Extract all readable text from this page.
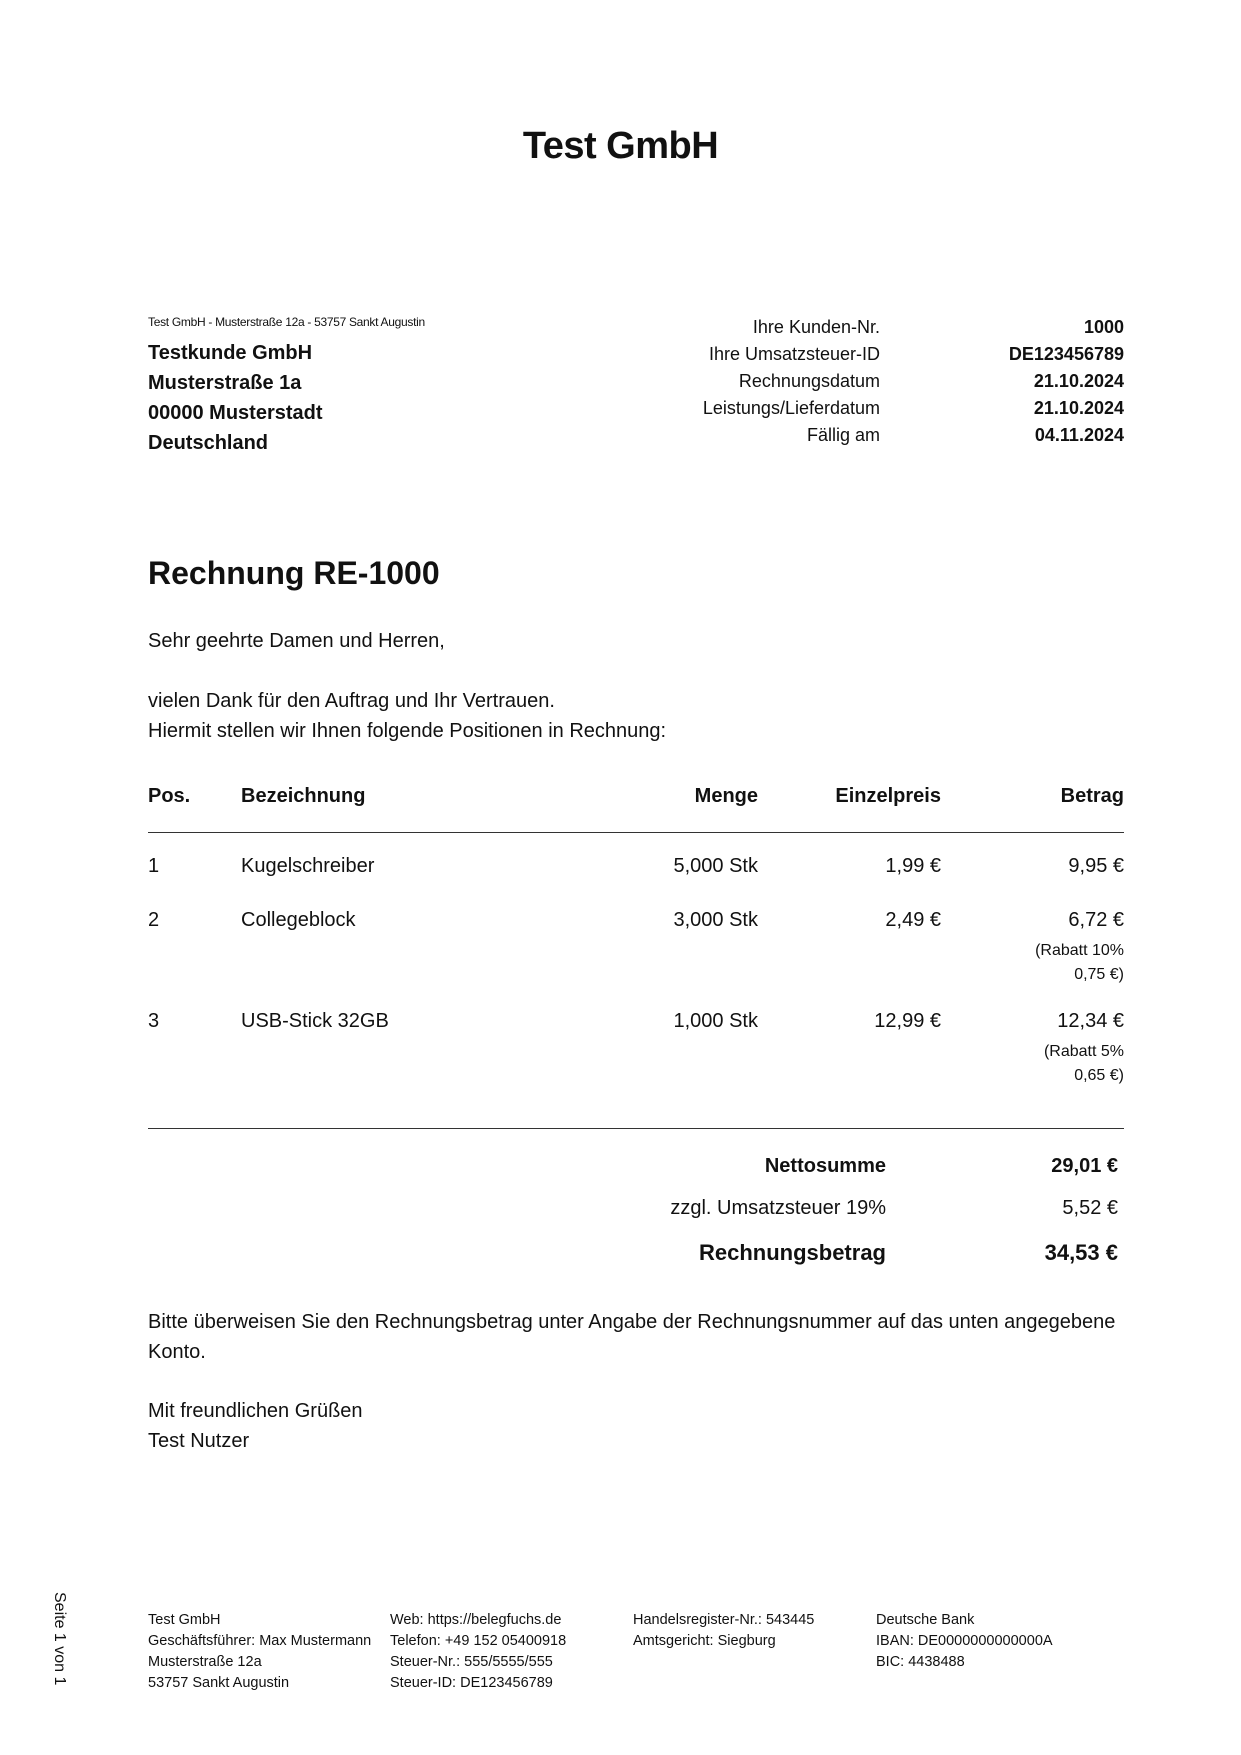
Test GmbH
Test GmbH - Musterstraße 12a - 53757 Sankt Augustin
Testkunde GmbH
Musterstraße 1a
00000 Musterstadt
Deutschland
Ihre Kunden-Nr.	1000
Ihre Umsatzsteuer-ID	DE123456789
Rechnungsdatum	21.10.2024
Leistungs/Lieferdatum	21.10.2024
Fällig am	04.11.2024
Rechnung RE-1000
Sehr geehrte Damen und Herren,
vielen Dank für den Auftrag und Ihr Vertrauen.
Hiermit stellen wir Ihnen folgende Positionen in Rechnung:
Pos.	Bezeichnung	Menge	Einzelpreis	Betrag
1	Kugelschreiber	5,000 Stk	1,99 €	9,95 €
2	Collegeblock	3,000 Stk	2,49 €	6,72 €
(Rabatt 10%
0,75 €)
3	USB-Stick 32GB	1,000 Stk	12,99 €	12,34 €
(Rabatt 5%
0,65 €)
Nettosumme	29,01 €
zzgl. Umsatzsteuer 19%	5,52 €
Rechnungsbetrag	34,53 €
Bitte überweisen Sie den Rechnungsbetrag unter Angabe der Rechnungsnummer auf das unten angegebene Konto.
Mit freundlichen Grüßen
Test Nutzer
Test GmbH
Geschäftsführer: Max Mustermann
Musterstraße 12a
53757 Sankt Augustin
Web: https://belegfuchs.de
Telefon: +49 152 05400918
Steuer-Nr.: 555/5555/555
Steuer-ID: DE123456789
Handelsregister-Nr.: 543445
Amtsgericht: Siegburg
Deutsche Bank
IBAN: DE0000000000000A
BIC: 4438488
Seite 1 von 1
